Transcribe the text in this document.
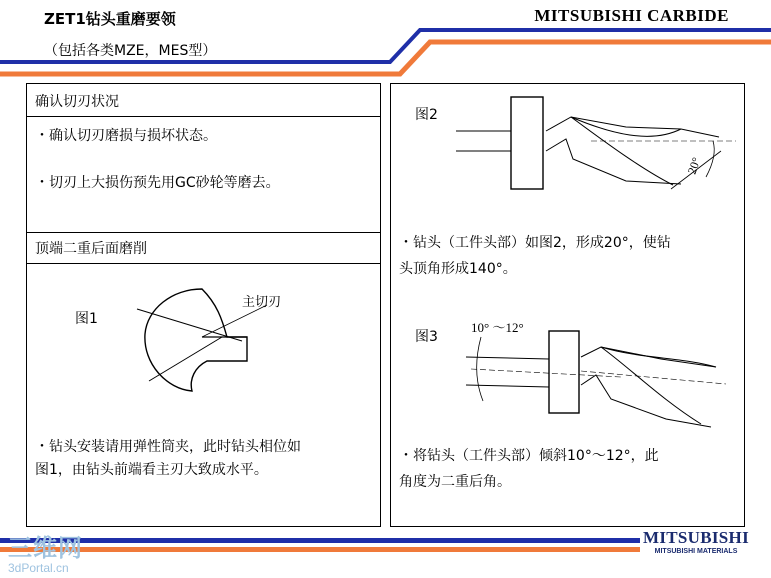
ZET1钻头重磨要领
（包括各类MZE，MES型）
MITSUBISHI CARBIDE
确认切刃状况
・确认切刃磨损与损坏状态。
・切刃上大损伤预先用GC砂轮等磨去。
顶端二重后面磨削
图1
主切刃
・钻头安装请用弹性筒夹，此时钻头相位如
图1，由钻头前端看主刃大致成水平。
图2
20°
・钻头（工件头部）如图2，形成20°，使钻
头顶角形成140°。
图3
10° ～12°
・将钻头（工件头部）倾斜10°～12°，此
角度为二重后角。
MITSUBISHI
MITSUBISHI MATERIALS
三维网
3dPortal.cn
